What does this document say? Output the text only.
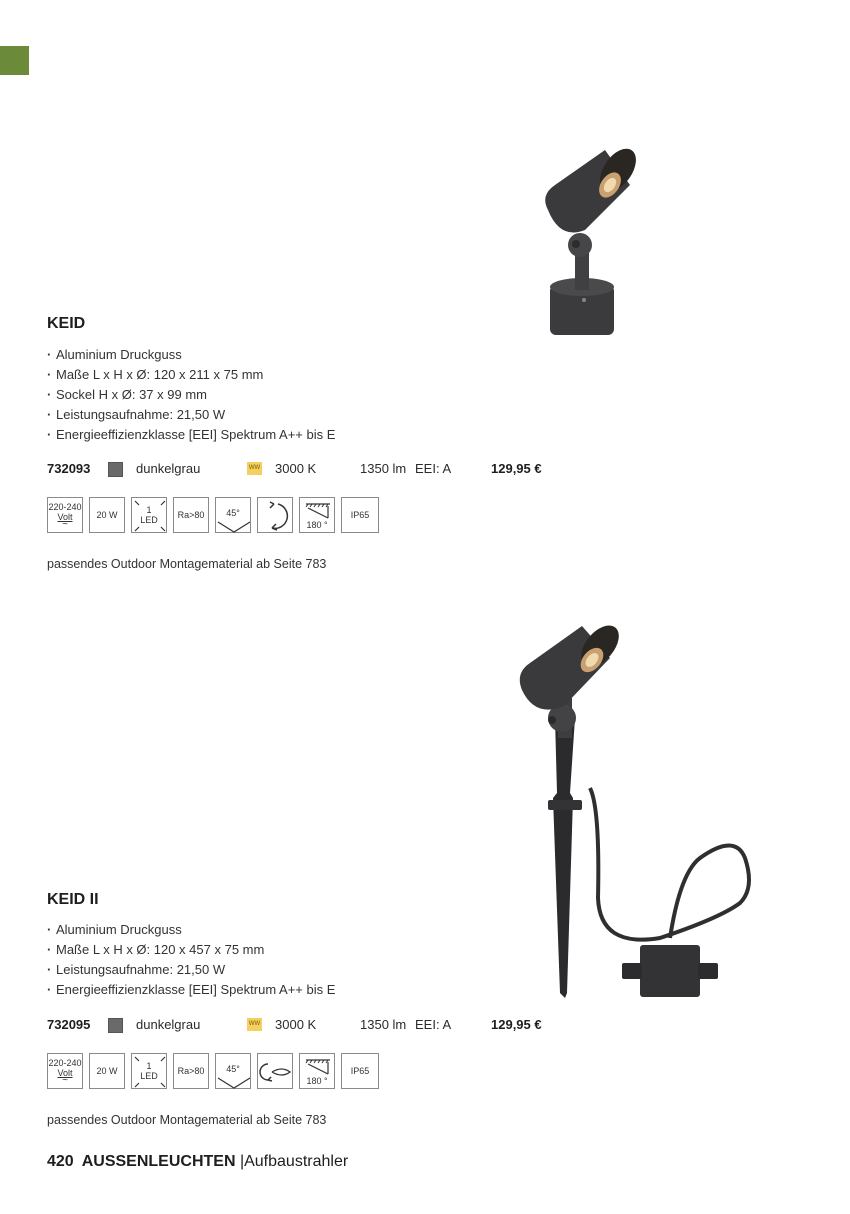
KEID
· Aluminium Druckguss
· Maße L x H x Ø: 120 x 211 x 75 mm
· Sockel H x Ø: 37 x 99 mm
· Leistungsaufnahme: 21,50 W
· Energieeffizienzklasse [EEI] Spektrum A++ bis E
732093	dunkelgrau	WW 3000 K	1350 lm EEI: A	129,95 €
220-240
Volt
~
20 W	1
LED Ra>80 45°
180 °
IP65

passendes Outdoor Montagematerial ab Seite 783

KEID II
· Aluminium Druckguss
· Maße L x H x Ø: 120 x 457 x 75 mm
· Leistungsaufnahme: 21,50 W
· Energieeffizienzklasse [EEI] Spektrum A++ bis E
732095	dunkelgrau	WW 3000 K	1350 lm EEI: A	129,95 €
220-240
Volt
~
20 W	1
LED Ra>80 45°
180 °
IP65

passendes Outdoor Montagematerial ab Seite 783

420 AUSSENLEUCHTEN |Aufbaustrahler
